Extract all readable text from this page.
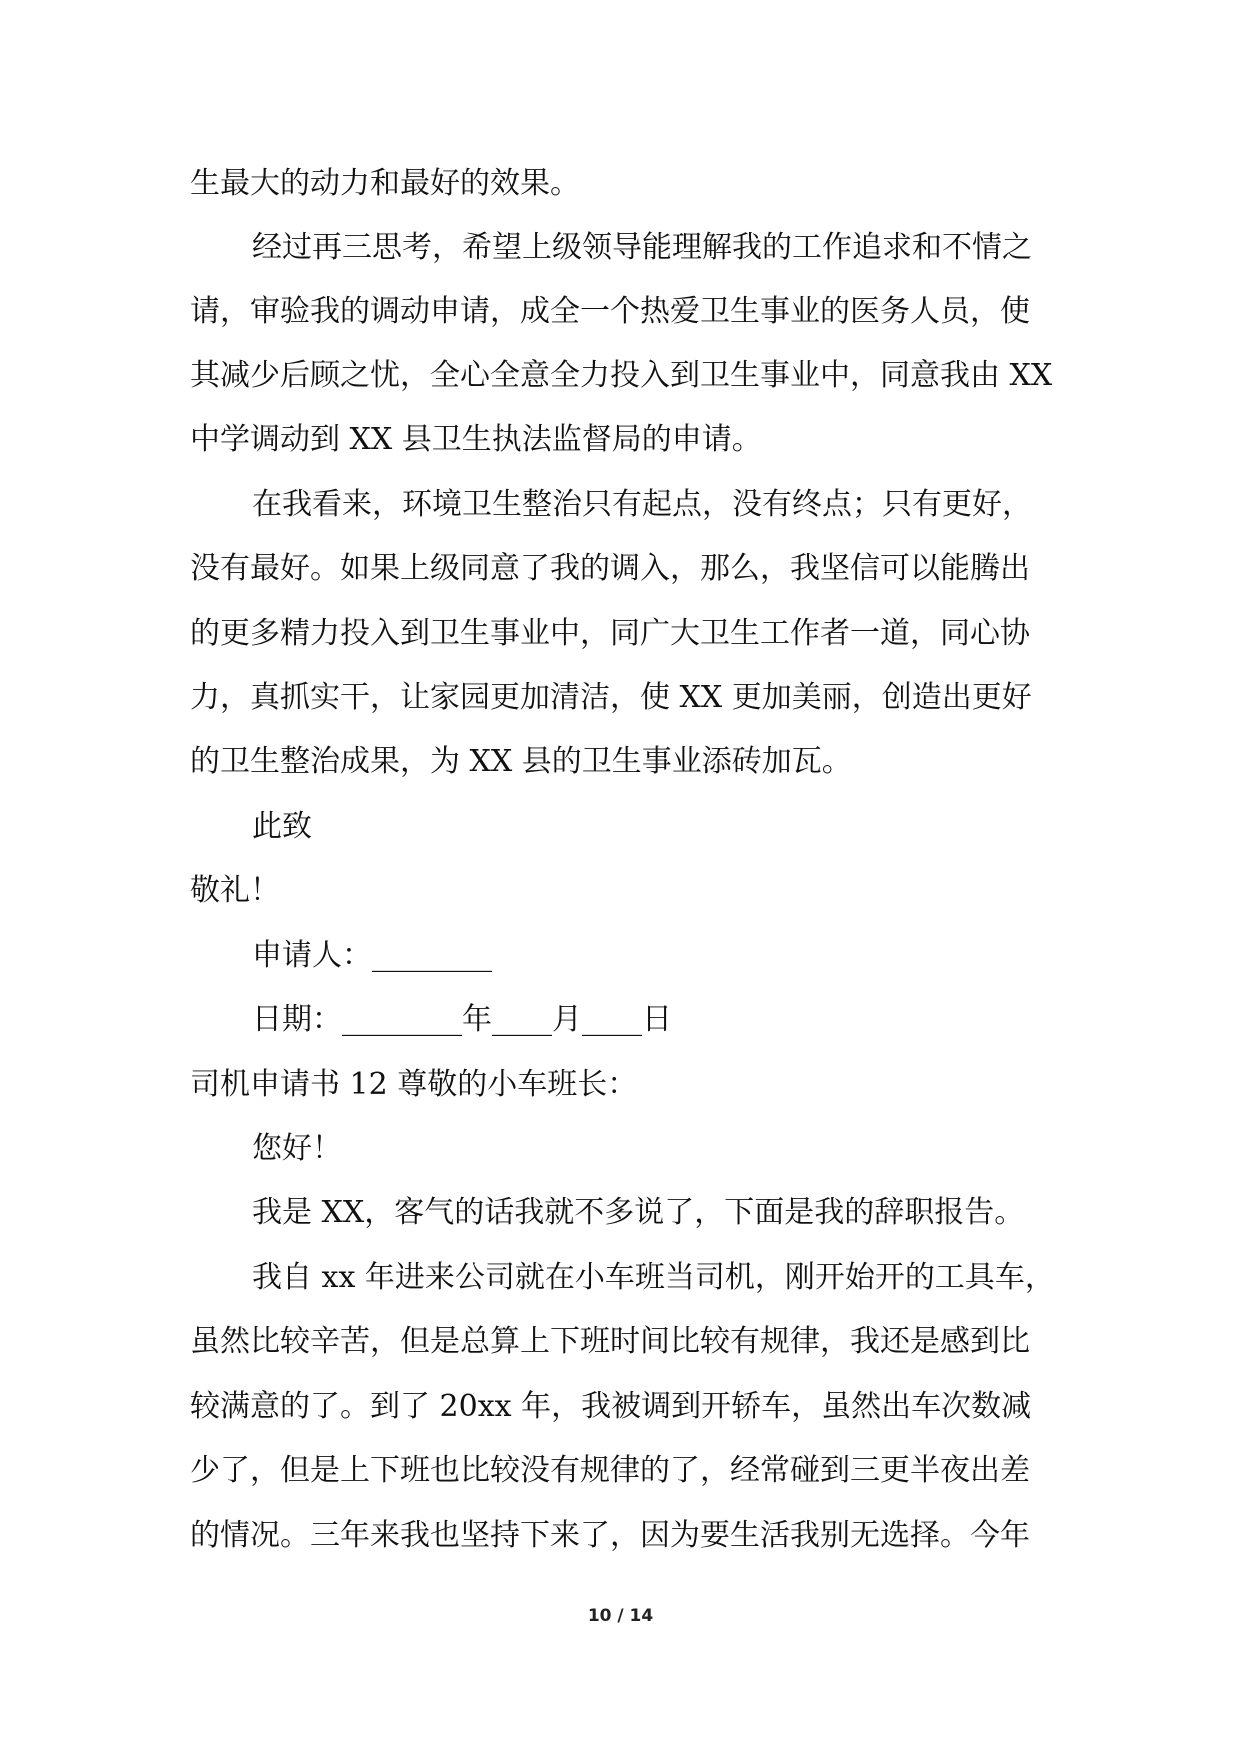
生最大的动力和最好的效果。
经过再三思考，希望上级领导能理解我的工作追求和不情之
请，审验我的调动申请，成全一个热爱卫生事业的医务人员，使
其减少后顾之忧，全心全意全力投入到卫生事业中，同意我由 XX
中学调动到 XX 县卫生执法监督局的申请。
在我看来，环境卫生整治只有起点，没有终点；只有更好，
没有最好。如果上级同意了我的调入，那么，我坚信可以能腾出
的更多精力投入到卫生事业中，同广大卫生工作者一道，同心协
力，真抓实干，让家园更加清洁，使 XX 更加美丽，创造出更好
的卫生整治成果，为 XX 县的卫生事业添砖加瓦。
此致
敬礼！
申请人：________
日期：________年____月____日
司机申请书 12 尊敬的小车班长：
您好！
我是 XX，客气的话我就不多说了，下面是我的辞职报告。
我自 xx 年进来公司就在小车班当司机，刚开始开的工具车，
虽然比较辛苦，但是总算上下班时间比较有规律，我还是感到比
较满意的了。到了 20xx 年，我被调到开轿车，虽然出车次数减
少了，但是上下班也比较没有规律的了，经常碰到三更半夜出差
的情况。三年来我也坚持下来了，因为要生活我别无选择。今年
10 / 14
